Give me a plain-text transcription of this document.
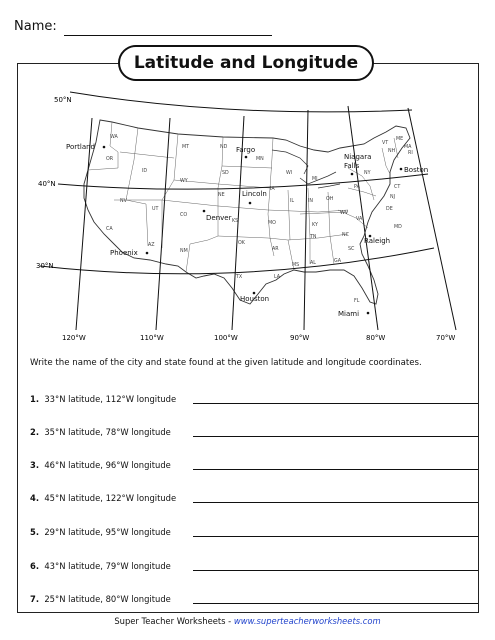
Name:
Latitude and Longitude
50°N
40°N
30°N
120°W	110°W	100°W	90°W	80°W	70°W
WA
OR
ID
MT	ND
MN
WY
SD
NV
UT
CO
NE
IA
KS	MO
CA
AZ
NM
OK
AR
TX	LA
MS AL	GA
FL
SC
NC
TN
KY
IL	IN	OH
WI
MI
PA
NY
WV
VA
MD
DE
NJ
CT
RI
MA
VT
NH
ME
Portland	Fargo
Niagara
Falls	Boston
Lincoln
Denver
Raleigh
Phoenix
Houston
Miami
Write the name of the city and state found at the given latitude and longitude coordinates.
1. 33°N latitude, 112°W longitude
2. 35°N latitude, 78°W longitude
3. 46°N latitude, 96°W longitude
4. 45°N latitude, 122°W longitude
5. 29°N latitude, 95°W longitude
6. 43°N latitude, 79°W longitude
7. 25°N latitude, 80°W longitude
Super Teacher Worksheets - www.superteacherworksheets.com
